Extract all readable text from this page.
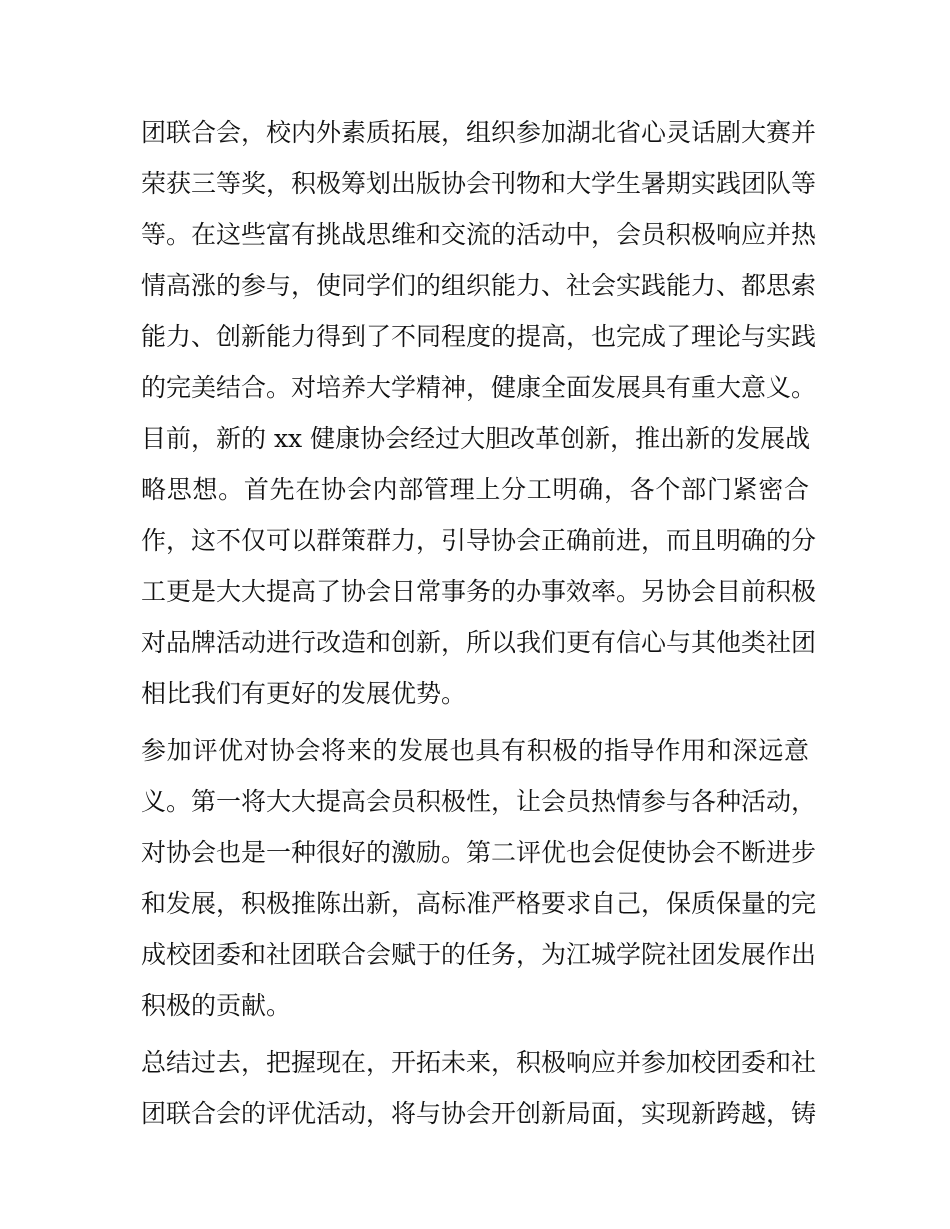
团联合会，校内外素质拓展，组织参加湖北省心灵话剧大赛并
荣获三等奖，积极筹划出版协会刊物和大学生暑期实践团队等
等。在这些富有挑战思维和交流的活动中，会员积极响应并热
情高涨的参与，使同学们的组织能力、社会实践能力、都思索
能力、创新能力得到了不同程度的提高，也完成了理论与实践
的完美结合。对培养大学精神，健康全面发展具有重大意义。

目前，新的 xx 健康协会经过大胆改革创新，推出新的发展战
略思想。首先在协会内部管理上分工明确，各个部门紧密合
作，这不仅可以群策群力，引导协会正确前进，而且明确的分
工更是大大提高了协会日常事务的办事效率。另协会目前积极
对品牌活动进行改造和创新，所以我们更有信心与其他类社团
相比我们有更好的发展优势。

参加评优对协会将来的发展也具有积极的指导作用和深远意
义。第一将大大提高会员积极性，让会员热情参与各种活动，
对协会也是一种很好的激励。第二评优也会促使协会不断进步
和发展，积极推陈出新，高标准严格要求自己，保质保量的完
成校团委和社团联合会赋于的任务，为江城学院社团发展作出
积极的贡献。

总结过去，把握现在，开拓未来，积极响应并参加校团委和社
团联合会的评优活动，将与协会开创新局面，实现新跨越，铸
